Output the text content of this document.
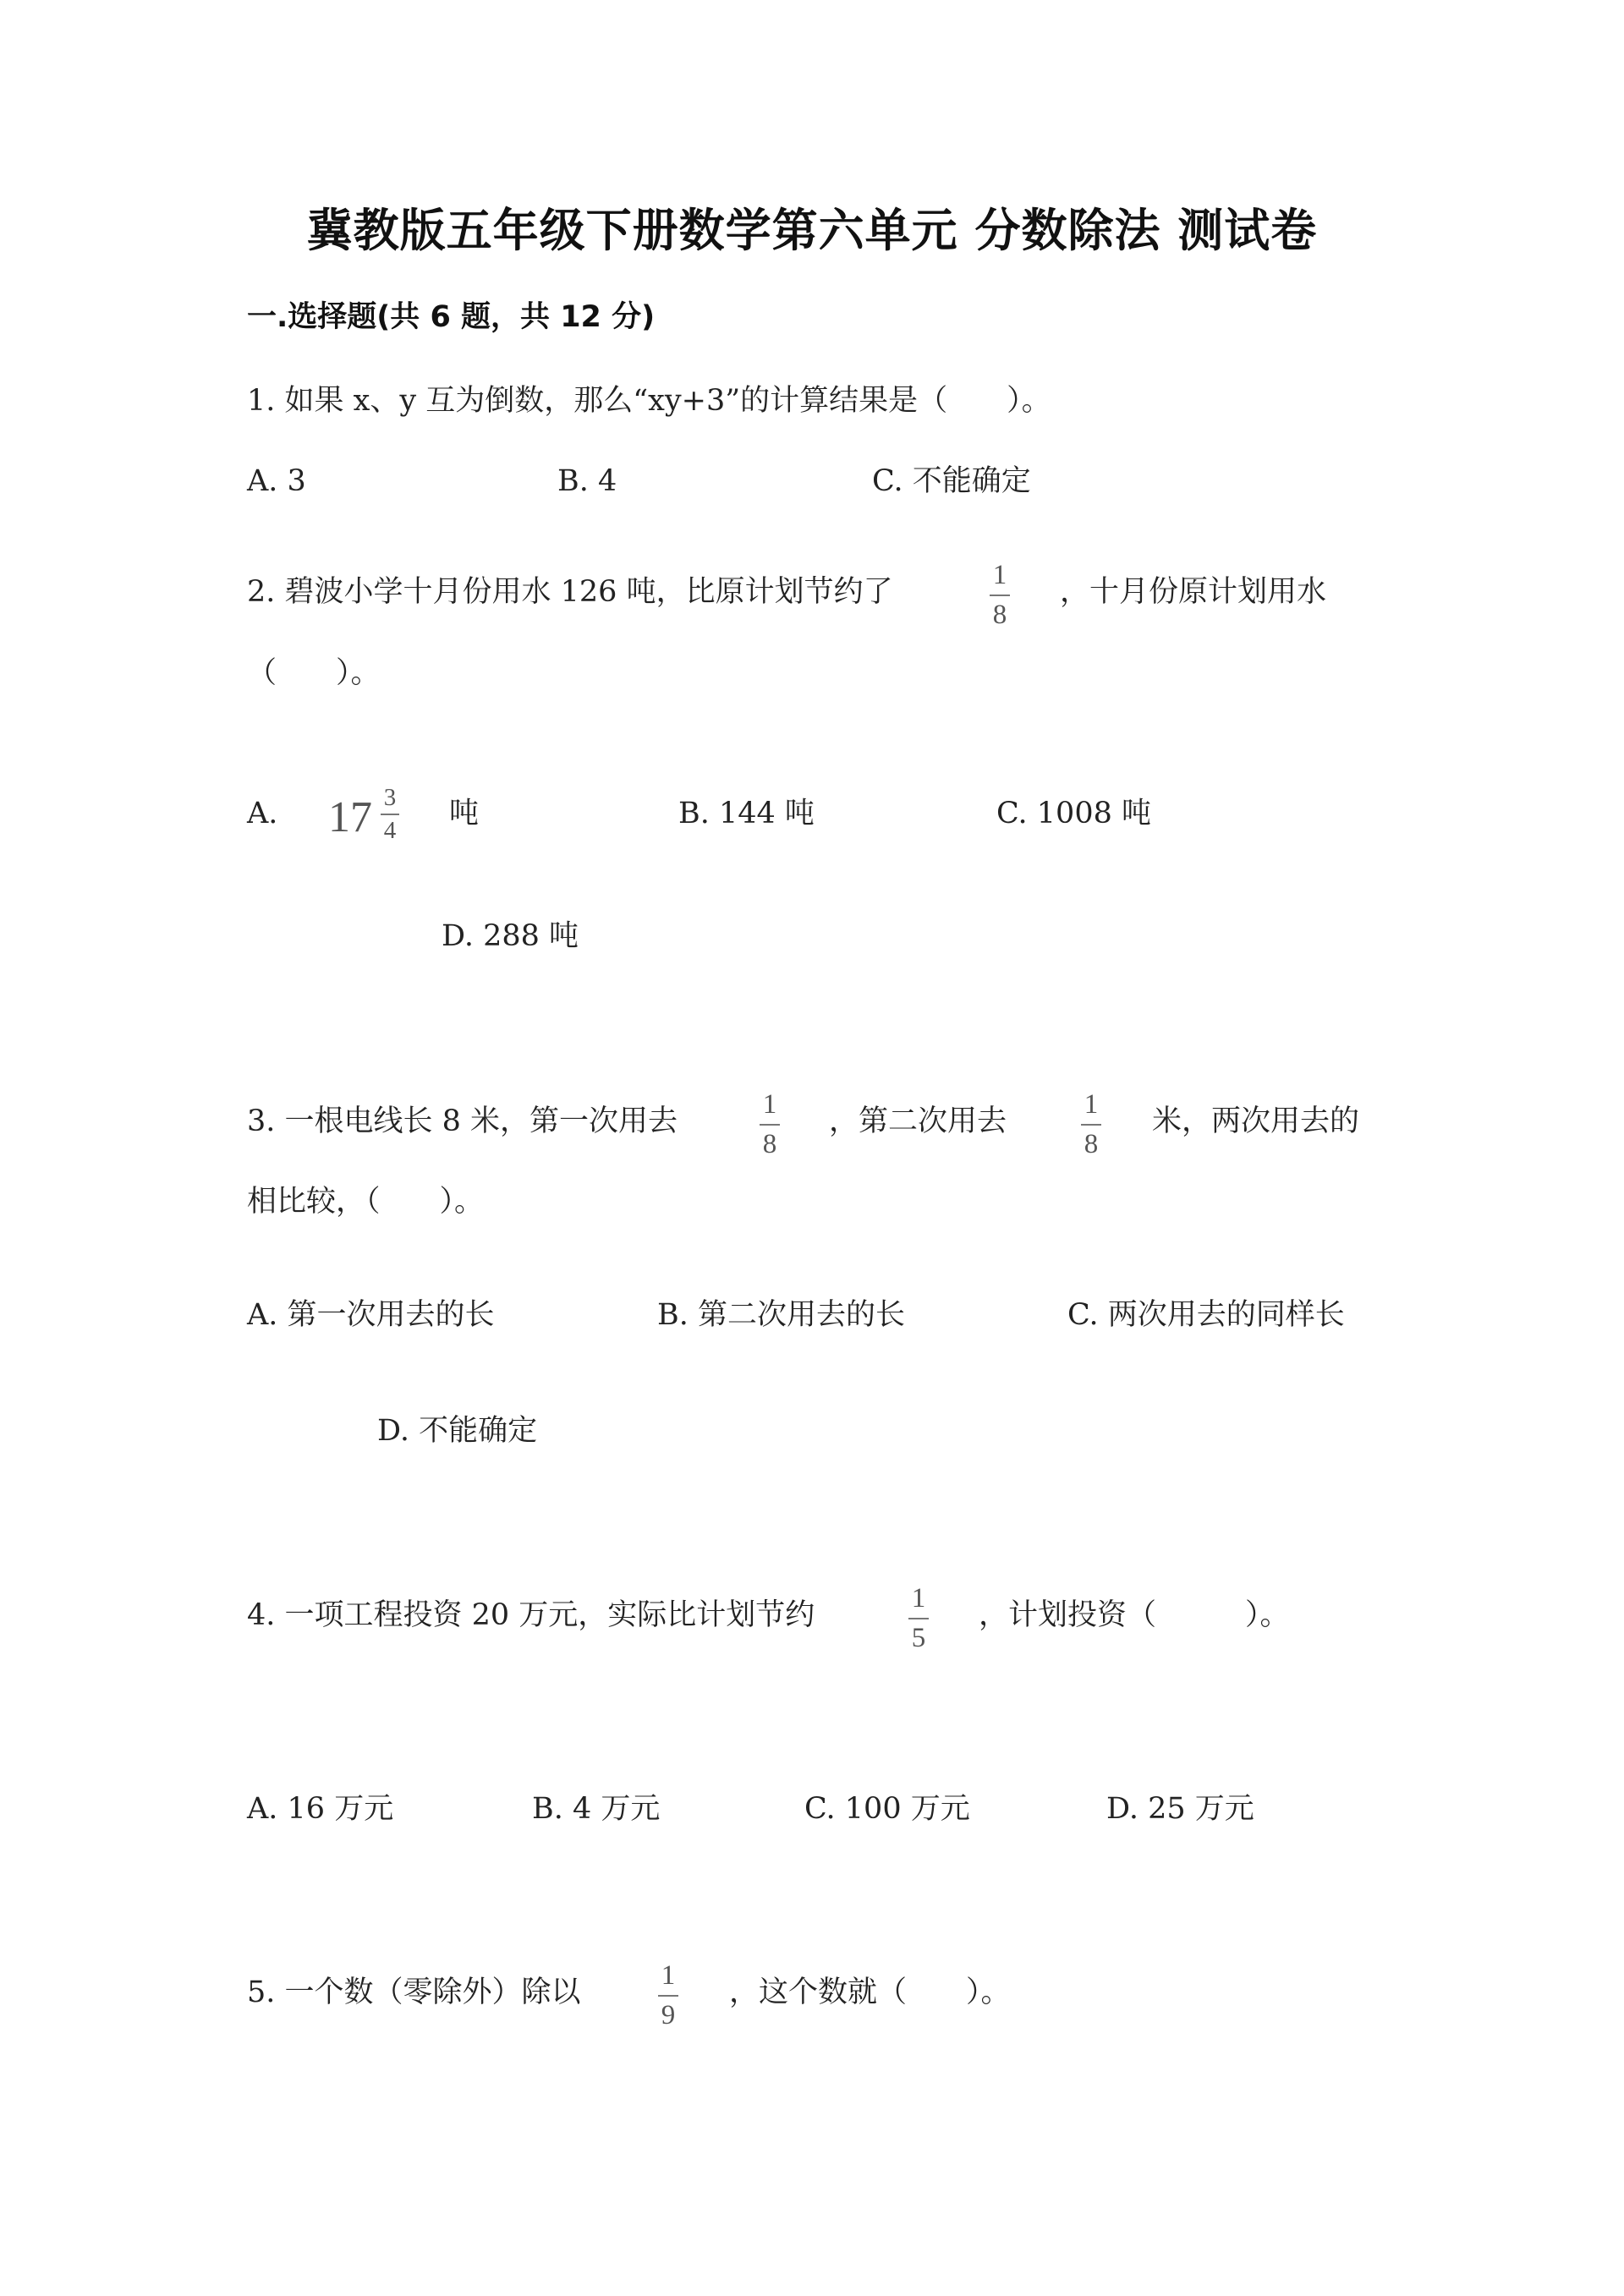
冀教版五年级下册数学第六单元 分数除法 测试卷
一.选择题(共 6 题，共 12 分)
1. 如果 x、y 互为倒数，那么“xy+3”的计算结果是（　　）。
A. 3	B. 4	C. 不能确定
2. 碧波小学十月份用水 126 吨，比原计划节约了	1
8
，十月份原计划用水
（　　）。
A. 17 3
4 吨	B. 144 吨	C. 1008 吨
D. 288 吨
3. 一根电线长 8 米，第一次用去	1
8
，第二次用去	1
8
米，两次用去的
相比较，（　　）。
A. 第一次用去的长	B. 第二次用去的长	C. 两次用去的同样长
D. 不能确定
4. 一项工程投资 20 万元，实际比计划节约	1
5
，计划投资（　　　）。
A. 16 万元	B. 4 万元	C. 100 万元	D. 25 万元
5. 一个数（零除外）除以	1
9
，这个数就（　　）。
